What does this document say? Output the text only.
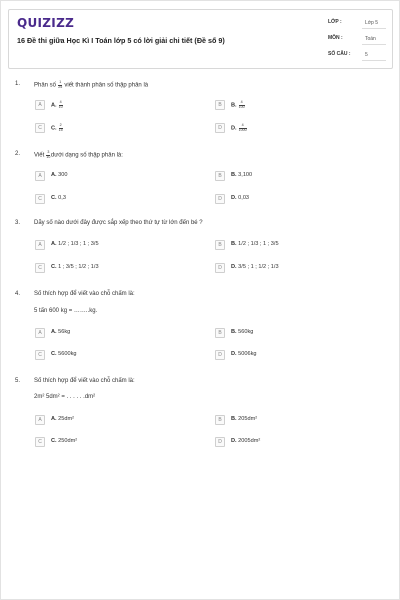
QUIZIZZ
16 Đề thi giữa Học Kì I Toán lớp 5 có lời giải chi tiết (Đề số 9)
LỚP :	Lớp 5
MÔN :	Toán
SỐ CÂU :	5
1. Phân số $\frac{1}{25}$ viết thành phân số thập phân là
A	A. $\frac{4}{10}$	B	B. $\frac{4}{100}$
C	C. $\frac{2}{15}$	D	D. $\frac{4}{1000}$
2. Viết $\frac{3}{10}$ dưới dạng số thập phân là:
A	A. 300	B	B. 3,100
C	C. 0,3	D	D. 0,03
3. Dãy số nào dưới đây được sắp xếp theo thứ tự từ lớn đến bé ?
A	A. 1/2 ; 1/3 ; 1 ; 3/5	B	B. 1/2 ; 1/3 ; 1 ; 3/5
C	C. 1 ; 3/5 ; 1/2 ; 1/3	D	D. 3/5 ; 1 ; 1/2 ; 1/3
4. Số thích hợp để viết vào chỗ chấm là:
5 tấn 600 kg = ……..kg.
A	A. 56kg	B	B. 560kg
C	C. 5600kg	D	D. 5006kg
5. Số thích hợp để viết vào chỗ chấm là:
2m² 5dm² = . . . . . .dm²
A	A. 25dm²	B	B. 205dm²
C	C. 250dm²	D	D. 2005dm²
